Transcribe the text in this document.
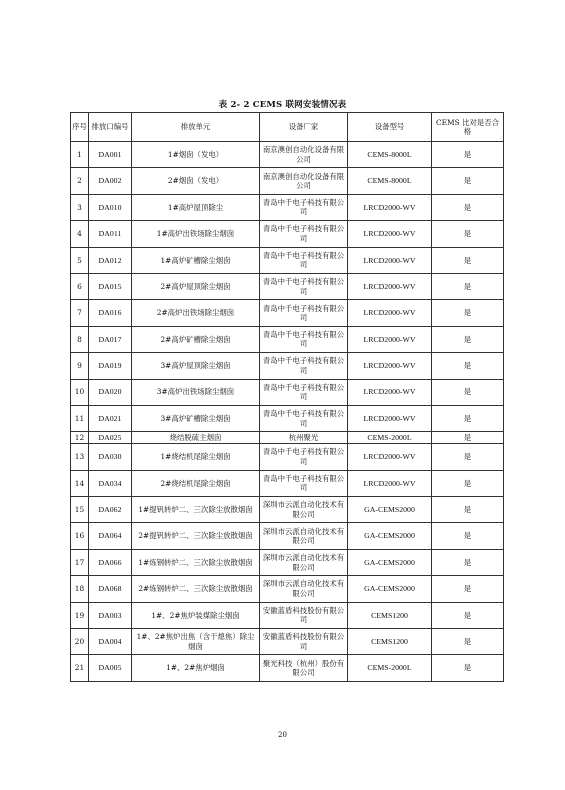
表 2- 2 CEMS 联网安装情况表
序号	排放口编号	排放单元	设备厂家	设备型号	CEMS 比对是否合格
1	DA001	1#烟囱（发电）	南京澳创自动化设备有限公司	CEMS-8000L	是
2	DA002	2#烟囱（发电）	南京澳创自动化设备有限公司	CEMS-8000L	是
3	DA010	1#高炉屋顶除尘	青岛中千电子科技有限公司	LRCD2000-WV	是
4	DA011	1#高炉出铁场除尘烟囱	青岛中千电子科技有限公司	LRCD2000-WV	是
5	DA012	1#高炉矿槽除尘烟囱	青岛中千电子科技有限公司	LRCD2000-WV	是
6	DA015	2#高炉屋顶除尘烟囱	青岛中千电子科技有限公司	LRCD2000-WV	是
7	DA016	2#高炉出铁场除尘烟囱	青岛中千电子科技有限公司	LRCD2000-WV	是
8	DA017	2#高炉矿槽除尘烟囱	青岛中千电子科技有限公司	LRCD2000-WV	是
9	DA019	3#高炉屋顶除尘烟囱	青岛中千电子科技有限公司	LRCD2000-WV	是
10	DA020	3#高炉出铁场除尘烟囱	青岛中千电子科技有限公司	LRCD2000-WV	是
11	DA021	3#高炉矿槽除尘烟囱	青岛中千电子科技有限公司	LRCD2000-WV	是
12	DA025	烧结脱硫主烟囱	杭州聚光	CEMS-2000L	是
13	DA030	1#烧结机尾除尘烟囱	青岛中千电子科技有限公司	LRCD2000-WV	是
14	DA034	2#烧结机尾除尘烟囱	青岛中千电子科技有限公司	LRCD2000-WV	是
15	DA062	1#提钒转炉二、三次除尘放散烟囱	深圳市云派自动化技术有限公司	GA-CEMS2000	是
16	DA064	2#提钒转炉二、三次除尘放散烟囱	深圳市云派自动化技术有限公司	GA-CEMS2000	是
17	DA066	1#炼钢转炉二、三次除尘放散烟囱	深圳市云派自动化技术有限公司	GA-CEMS2000	是
18	DA068	2#炼钢转炉二、三次除尘放散烟囱	深圳市云派自动化技术有限公司	GA-CEMS2000	是
19	DA003	1#、2#焦炉装煤除尘烟囱	安徽蓝盾科技股份有限公司	CEMS1200	是
20	DA004	1#、2#焦炉出焦（含干熄焦）除尘烟囱	安徽蓝盾科技股份有限公司	CEMS1200	是
21	DA005	1#、2#焦炉烟囱	聚光科技（杭州）股份有限公司	CEMS-2000L	是
20
